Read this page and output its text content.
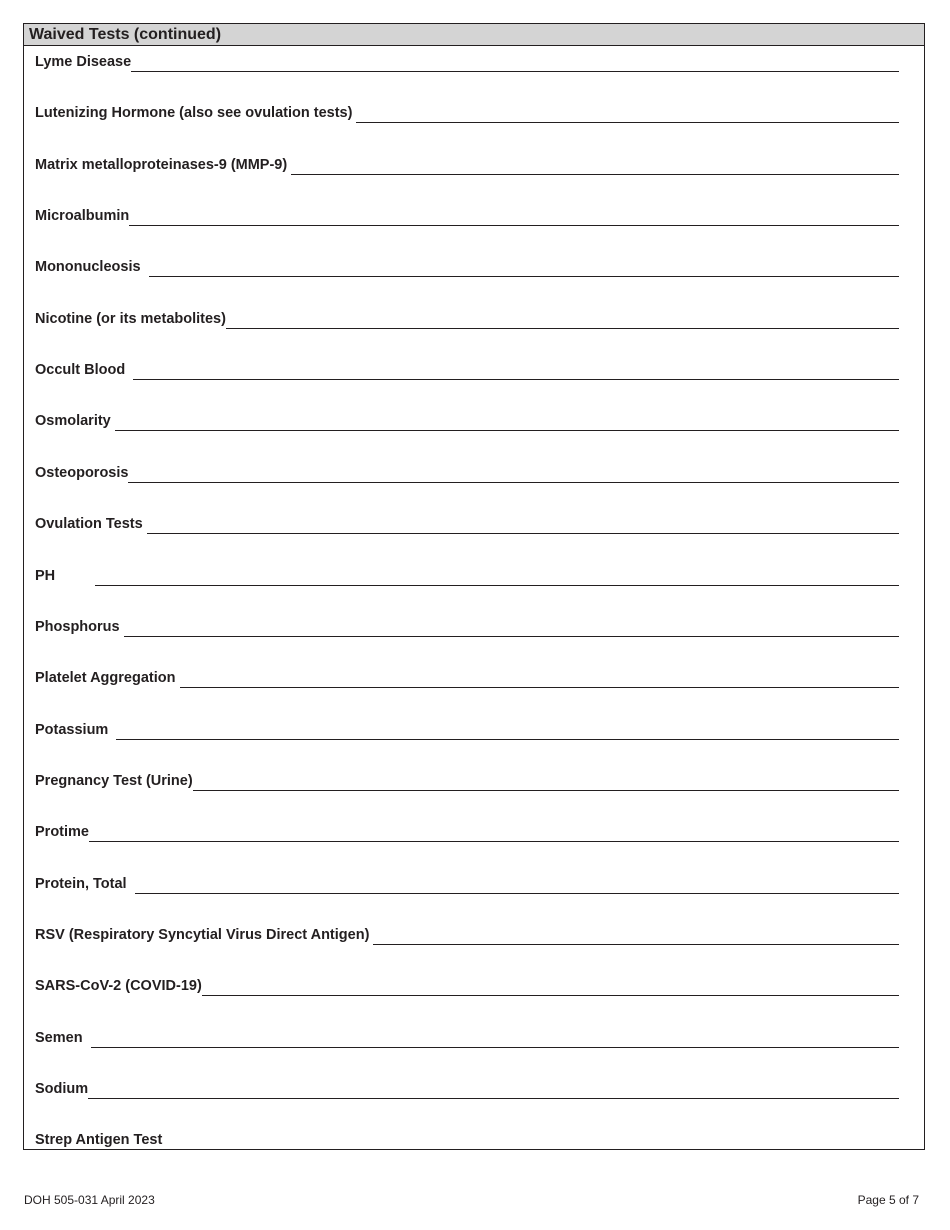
Waived Tests (continued)
Lyme Disease
Lutenizing Hormone (also see ovulation tests)

Matrix metalloproteinases-9 (MMP-9)

Microalbumin
Mononucleosis

Nicotine (or its metabolites)
Occult Blood

Osmolarity

Osteoporosis
Ovulation Tests

PH

Phosphorus

Platelet Aggregation

Potassium

Pregnancy Test (Urine)
Protime
Protein, Total

RSV (Respiratory Syncytial Virus Direct Antigen)

SARS-CoV-2 (COVID-19)
Semen

Sodium
Strep Antigen Test
DOH 505-031 April 2023	Page 5 of 7
